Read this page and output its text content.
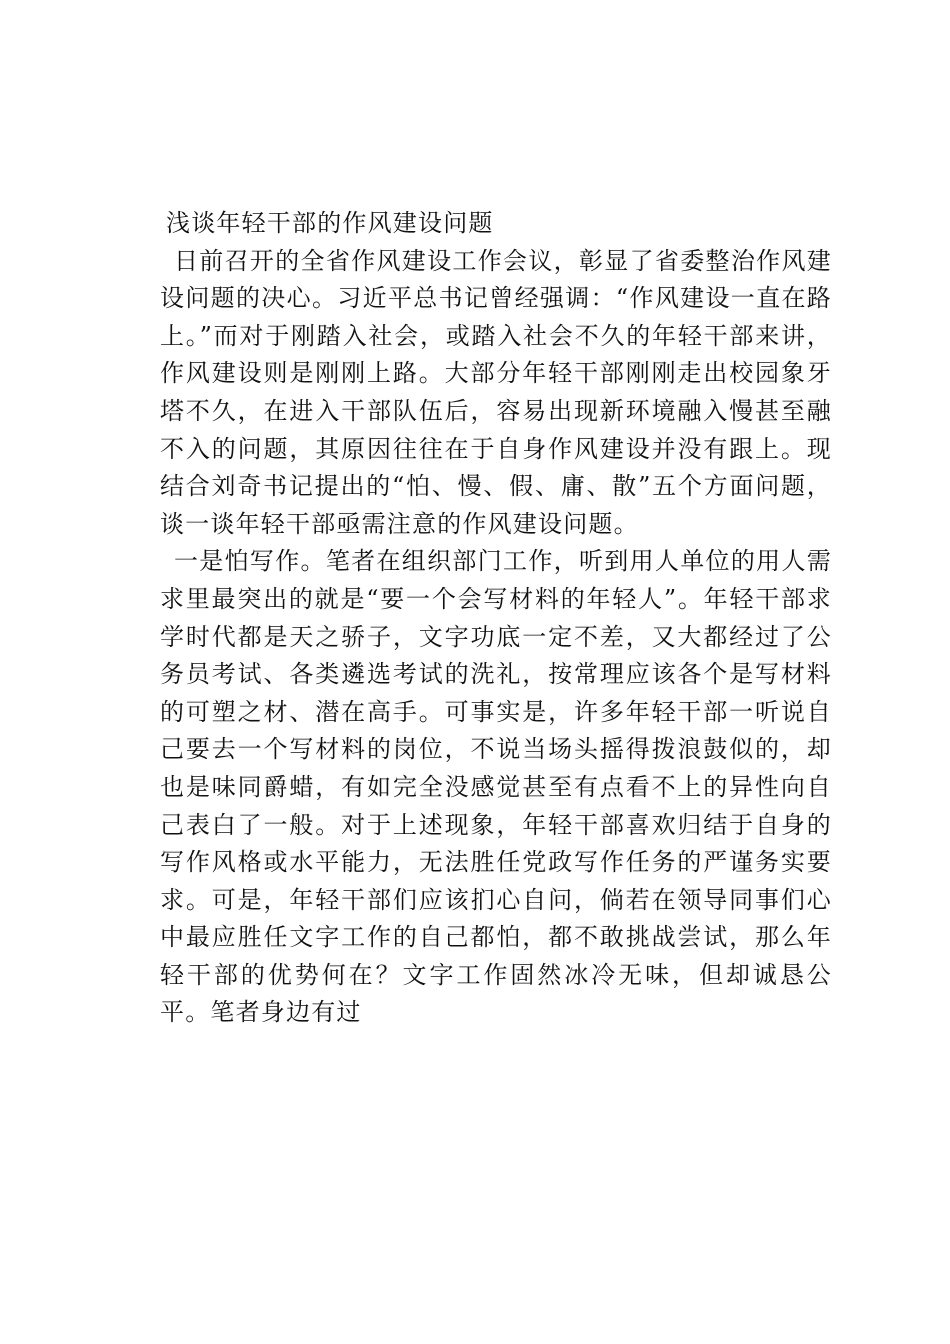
浅谈年轻干部的作风建设问题

日前召开的全省作风建设工作会议，彰显了省委整治作风建设问题的决心。习近平总书记曾经强调：“作风建设一直在路上。”而对于刚踏入社会，或踏入社会不久的年轻干部来讲，作风建设则是刚刚上路。大部分年轻干部刚刚走出校园象牙塔不久，在进入干部队伍后，容易出现新环境融入慢甚至融不入的问题，其原因往往在于自身作风建设并没有跟上。现结合刘奇书记提出的“怕、慢、假、庸、散”五个方面问题，谈一谈年轻干部亟需注意的作风建设问题。

一是怕写作。笔者在组织部门工作，听到用人单位的用人需求里最突出的就是“要一个会写材料的年轻人”。年轻干部求学时代都是天之骄子，文字功底一定不差，又大都经过了公务员考试、各类遴选考试的洗礼，按常理应该各个是写材料的可塑之材、潜在高手。可事实是，许多年轻干部一听说自己要去一个写材料的岗位，不说当场头摇得拨浪鼓似的，却也是味同爵蜡，有如完全没感觉甚至有点看不上的异性向自己表白了一般。对于上述现象，年轻干部喜欢归结于自身的写作风格或水平能力，无法胜任党政写作任务的严谨务实要求。可是，年轻干部们应该扪心自问，倘若在领导同事们心中最应胜任文字工作的自己都怕，都不敢挑战尝试，那么年轻干部的优势何在？文字工作固然冰冷无味，但却诚恳公平。笔者身边有过
